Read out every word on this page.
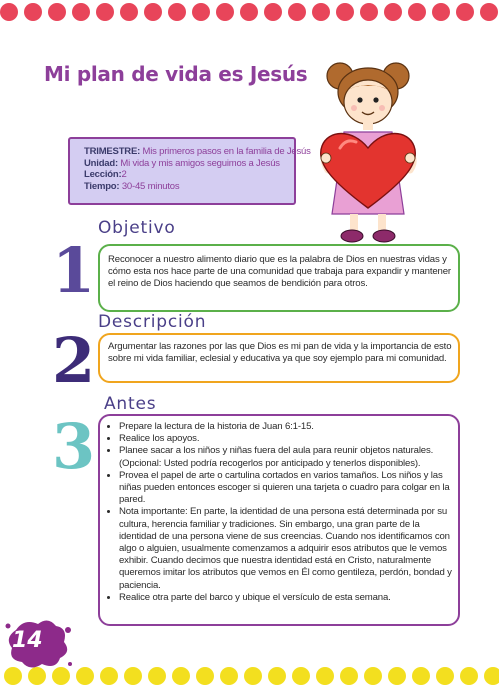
Mi plan de vida es Jesús
TRIMESTRE: Mis primeros pasos en la familia de Jesús
Unidad: Mi vida y mis amigos seguimos a Jesús
Lección:2
Tiempo: 30-45 minutos
Objetivo
1 Reconocer a nuestro alimento diario que es la palabra de Dios en nuestras vidas y cómo esta nos hace parte de una comunidad que trabaja para expandir y mantener el reino de Dios haciendo que seamos de bendición para otros.

Descripción
2 Argumentar las razones por las que Dios es mi pan de vida y la importancia de esto sobre mi vida familiar, eclesial y educativa ya que soy ejemplo para mi comunidad.

Antes
3
• Prepare la lectura de la historia de Juan 6:1-15.
• Realice los apoyos.
• Planee sacar a los niños y niñas fuera del aula para reunir objetos naturales. (Opcional: Usted podría recogerlos por anticipado y tenerlos disponibles).
• Provea el papel de arte o cartulina cortados en varios tamaños. Los niños y las niñas pueden entonces escoger si quieren una tarjeta o cuadro para colgar en la pared.
• Nota importante: En parte, la identidad de una persona está determinada por su cultura, herencia familiar y tradiciones. Sin embargo, una gran parte de la identidad de una persona viene de sus creencias. Cuando nos identificamos con algo o alguien, usualmente comenzamos a adquirir esos atributos que le vemos exhibir. Cuando decimos que nuestra identidad está en Cristo, naturalmente queremos imitar los atributos que vemos en Él como gentileza, perdón, bondad y paciencia.
• Realice otra parte del barco y ubique el versículo de esta semana.
14
